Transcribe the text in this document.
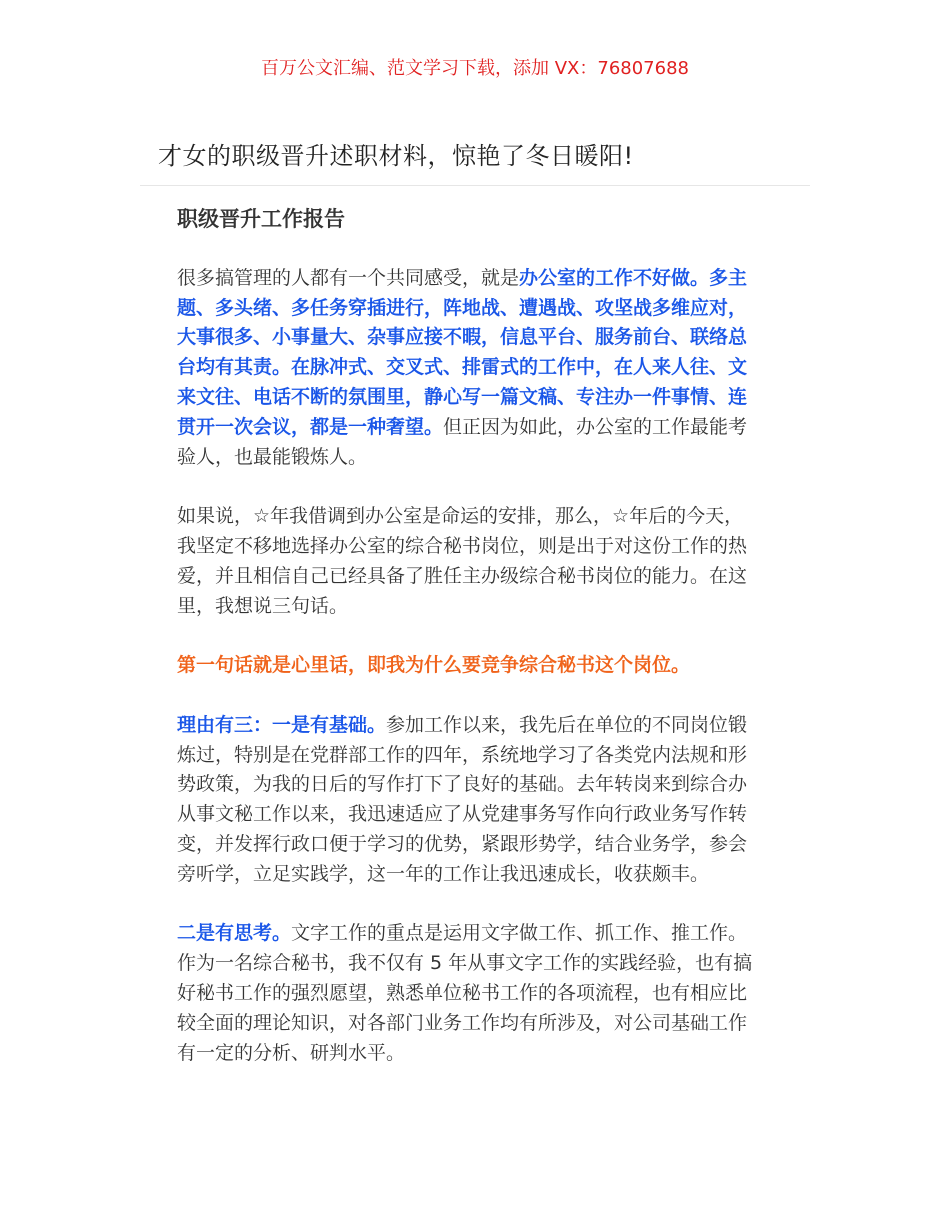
百万公文汇编、范文学习下载，添加 VX：76807688
才女的职级晋升述职材料，惊艳了冬日暖阳!

职级晋升工作报告

很多搞管理的人都有一个共同感受，就是办公室的工作不好做。多主题、多头绪、多任务穿插进行，阵地战、遭遇战、攻坚战多维应对，大事很多、小事量大、杂事应接不暇，信息平台、服务前台、联络总台均有其责。在脉冲式、交叉式、排雷式的工作中，在人来人往、文来文往、电话不断的氛围里，静心写一篇文稿、专注办一件事情、连贯开一次会议，都是一种奢望。但正因为如此，办公室的工作最能考验人，也最能锻炼人。

如果说，☆年我借调到办公室是命运的安排，那么，☆年后的今天，我坚定不移地选择办公室的综合秘书岗位，则是出于对这份工作的热爱，并且相信自己已经具备了胜任主办级综合秘书岗位的能力。在这里，我想说三句话。

第一句话就是心里话，即我为什么要竞争综合秘书这个岗位。

理由有三：一是有基础。参加工作以来，我先后在单位的不同岗位锻炼过，特别是在党群部工作的四年，系统地学习了各类党内法规和形势政策，为我的日后的写作打下了良好的基础。去年转岗来到综合办从事文秘工作以来，我迅速适应了从党建事务写作向行政业务写作转变，并发挥行政口便于学习的优势，紧跟形势学，结合业务学，参会旁听学，立足实践学，这一年的工作让我迅速成长，收获颇丰。

二是有思考。文字工作的重点是运用文字做工作、抓工作、推工作。作为一名综合秘书，我不仅有 5 年从事文字工作的实践经验，也有搞好秘书工作的强烈愿望，熟悉单位秘书工作的各项流程，也有相应比较全面的理论知识，对各部门业务工作均有所涉及，对公司基础工作有一定的分析、研判水平。
